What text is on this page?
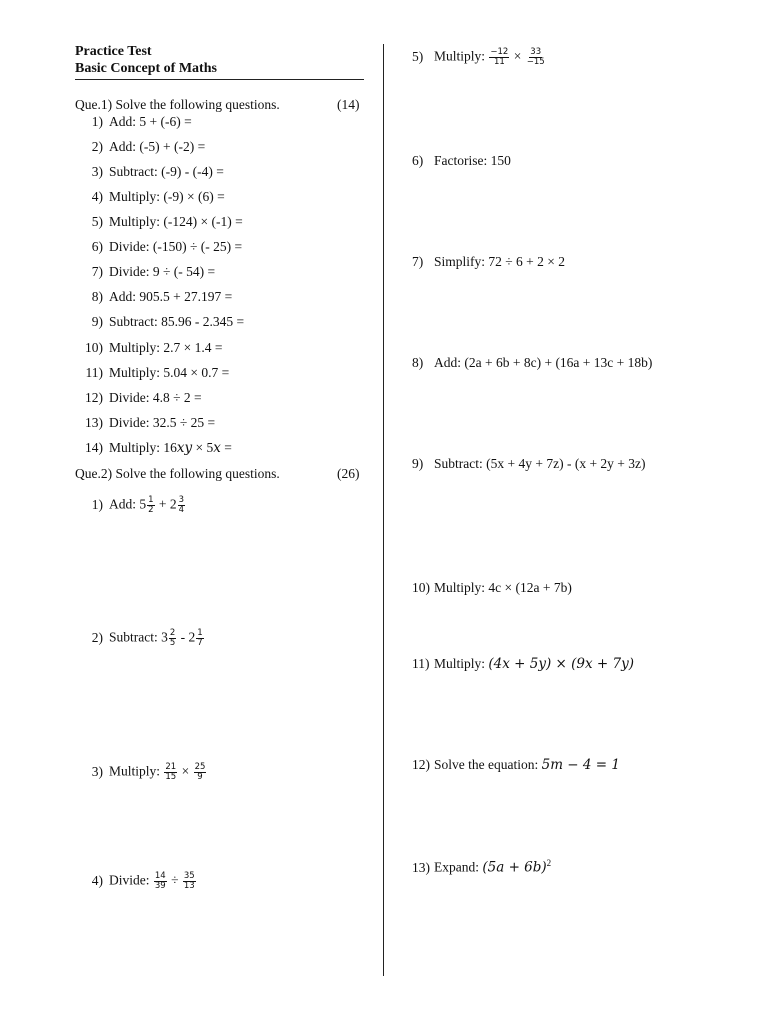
Practice Test
Basic Concept of Maths
Que.1) Solve the following questions.	(14)
1) Add: 5 + (-6) =
2) Add: (-5) + (-2) =
3) Subtract: (-9) - (-4) =
4) Multiply: (-9) × (6) =
5) Multiply: (-124) × (-1) =
6) Divide: (-150) ÷ (- 25) =
7) Divide: 9 ÷ (- 54) =
8) Add: 905.5 + 27.197 =
9) Subtract: 85.96 - 2.345 =
10) Multiply: 2.7 × 1.4 =
11) Multiply: 5.04 × 0.7 =
12) Divide: 4.8 ÷ 2 =
13) Divide: 32.5 ÷ 25 =
14) Multiply: 16xy × 5x =
Que.2) Solve the following questions.	(26)
1) Add: $5 \frac{1}{2} + 2 \frac{3}{4}$
2) Subtract: $3 \frac{2}{5} - 2 \frac{1}{7}$
3) Multiply: $\frac{21}{15} \times \frac{25}{9}$
4) Divide: $\frac{14}{39} \div \frac{35}{13}$
5) Multiply: $\frac{-12}{11} \times \frac{33}{-15}$
6) Factorise: 150
7) Simplify: 72 ÷ 6 + 2 × 2
8) Add: (2a + 6b + 8c) + (16a + 13c + 18b)
9) Subtract: (5x + 4y + 7z) - (x + 2y + 3z)
10) Multiply: 4c × (12a + 7b)
11) Multiply: (4x + 5y) × (9x + 7y)
12) Solve the equation: 5m − 4 = 1
13) Expand: $(5a + 6b)^2$
